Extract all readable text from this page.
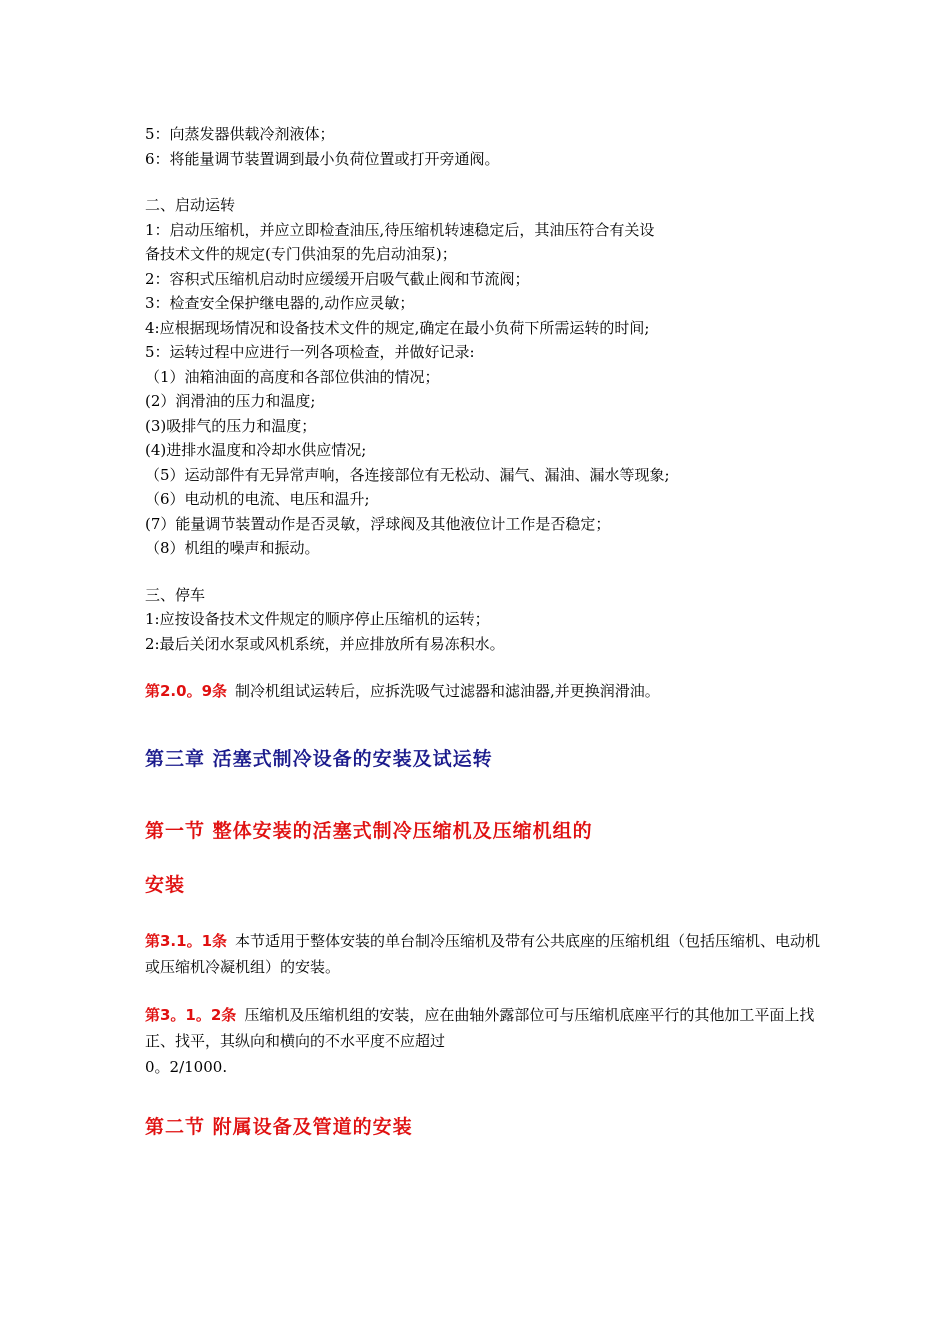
5：向蒸发器供载冷剂液体；
6：将能量调节装置调到最小负荷位置或打开旁通阀。
二、启动运转
1：启动压缩机，并应立即检查油压,待压缩机转速稳定后，其油压符合有关设
备技术文件的规定(专门供油泵的先启动油泵)；
2：容积式压缩机启动时应缓缓开启吸气截止阀和节流阀；
3：检查安全保护继电器的,动作应灵敏；
4:应根据现场情况和设备技术文件的规定,确定在最小负荷下所需运转的时间;
5：运转过程中应进行一列各项检查，并做好记录:
（1）油箱油面的高度和各部位供油的情况；
(2）润滑油的压力和温度;
(3)吸排气的压力和温度；
(4)进排水温度和冷却水供应情况;
（5）运动部件有无异常声响，各连接部位有无松动、漏气、漏油、漏水等现象;
（6）电动机的电流、电压和温升;
(7）能量调节装置动作是否灵敏，浮球阀及其他液位计工作是否稳定；
（8）机组的噪声和振动。
三、停车
1:应按设备技术文件规定的顺序停止压缩机的运转；
2:最后关闭水泵或风机系统，并应排放所有易冻积水。
第2.0。9条 制冷机组试运转后，应拆洗吸气过滤器和滤油器,并更换润滑油。
第三章 活塞式制冷设备的安装及试运转
第一节 整体安装的活塞式制冷压缩机及压缩机组的
安装
第3.1。1条 本节适用于整体安装的单台制冷压缩机及带有公共底座的压缩机组（包括压缩机、电动机或压缩机冷凝机组）的安装。
第3。1。2条 压缩机及压缩机组的安装，应在曲轴外露部位可与压缩机底座平行的其他加工平面上找正、找平，其纵向和横向的不水平度不应超过
0。2/1000.
第二节 附属设备及管道的安装
